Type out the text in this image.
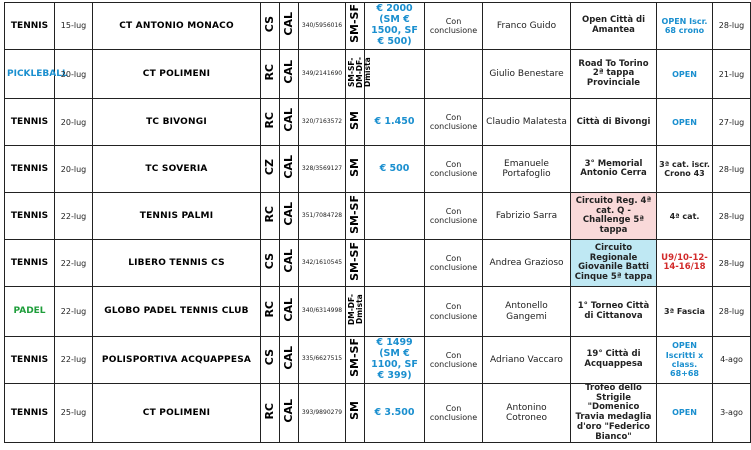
TENNIS	15-lug	CT ANTONIO MONACO	CS	CAL	340/5956016	SM-SF	€ 2000 (SM € 1500, SF € 500)	Con conclusione	Franco Guido	Open Città di Amantea	OPEN Iscr. 68 crono	28-lug
PICKLEBALL	20-lug	CT POLIMENI	RC	CAL	349/2141690	SM-SF-DM-DF-Dmista			Giulio Benestare	Road To Torino 2ª tappa Provinciale	OPEN	21-lug
TENNIS	20-lug	TC BIVONGI	RC	CAL	320/7163572	SM	€ 1.450	Con conclusione	Claudio Malatesta	Città di Bivongi	OPEN	27-lug
TENNIS	20-lug	TC SOVERIA	CZ	CAL	328/3569127	SM	€ 500	Con conclusione	Emanuele Portafoglio	3° Memorial Antonio Cerra	3ª cat. iscr. Crono 43	28-lug
TENNIS	22-lug	TENNIS PALMI	RC	CAL	351/7084728	SM-SF		Con conclusione	Fabrizio Sarra	Circuito Reg. 4ª cat. Q - Challenge 5ª tappa	4ª cat.	28-lug
TENNIS	22-lug	LIBERO TENNIS CS	CS	CAL	342/1610545	SM-SF		Con conclusione	Andrea Grazioso	Circuito Regionale Giovanile Batti Cinque 5ª tappa	U9/10-12-14-16/18	28-lug
PADEL	22-lug	GLOBO PADEL TENNIS CLUB	RC	CAL	340/6314998	DM-DF-Dmista		Con conclusione	Antonello Gangemi	1° Torneo Città di Cittanova	3ª Fascia	28-lug
TENNIS	22-lug	POLISPORTIVA ACQUAPPESA	CS	CAL	335/6627515	SM-SF	€ 1499 (SM € 1100, SF € 399)	Con conclusione	Adriano Vaccaro	19° Città di Acquappesa	OPEN Iscritti x class. 68+68	4-ago
TENNIS	25-lug	CT POLIMENI	RC	CAL	393/9890279	SM	€ 3.500	Con conclusione	Antonino Cotroneo	Trofeo dello Strigile "Domenico Travia medaglia d'oro "Federico Bianco"	OPEN	3-ago
